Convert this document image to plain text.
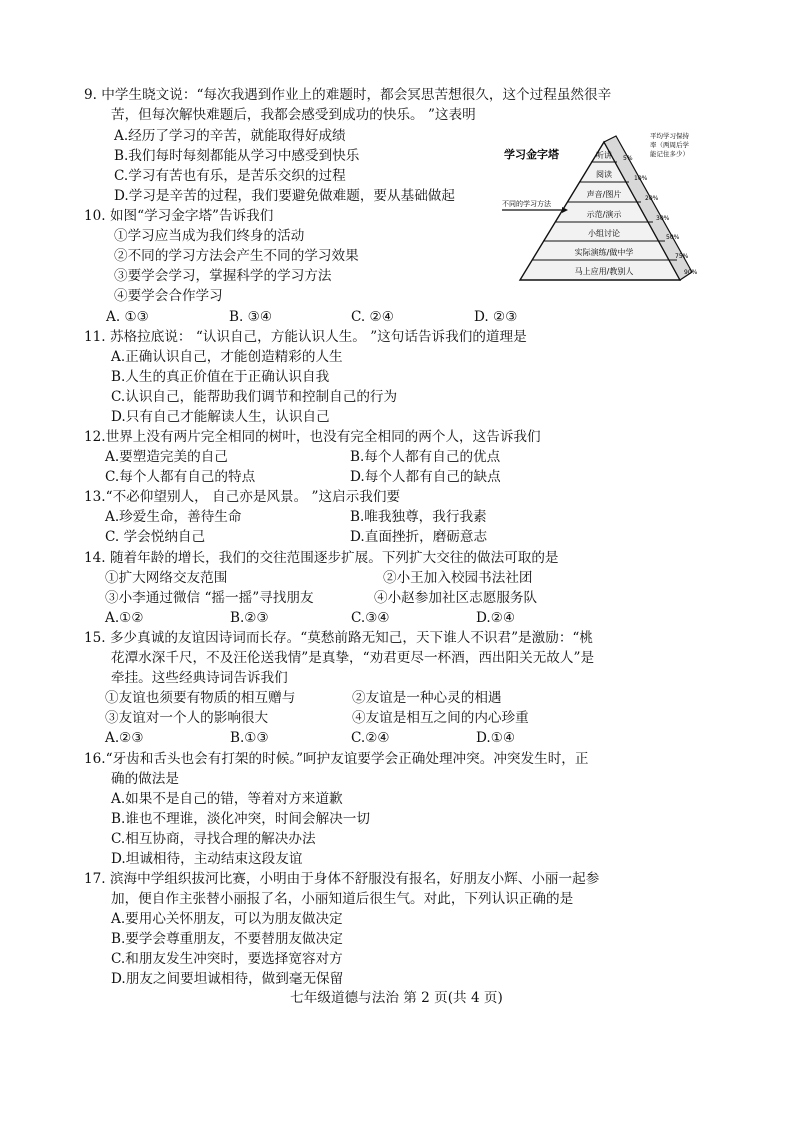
9. 中学生晓文说：“每次我遇到作业上的难题时，都会冥思苦想很久，这个过程虽然很辛
苦，但每次解快难题后，我都会感受到成功的快乐。 ”这表明
A.经历了学习的辛苦，就能取得好成绩
B.我们每时每刻都能从学习中感受到快乐
C.学习有苦也有乐，是苦乐交织的过程
D.学习是辛苦的过程，我们要避免做难题，要从基础做起
10. 如图“学习金字塔”告诉我们
①学习应当成为我们终身的活动
②不同的学习方法会产生不同的学习效果
③要学会学习，掌握科学的学习方法
④要学会合作学习
A. ①③	B. ③④	C. ②④	D. ②③
听讲
阅读
声音/图片
示范/演示
小组讨论
实际演练/做中学
马上应用/教别人
5%
10%
20%
30%
50%
75%
90%
学习金字塔
不同的学习方法
平均学习保持
率（两周后学
能记住多少）
11. 苏格拉底说： “认识自己，方能认识人生。 ”这句话告诉我们的道理是
A.正确认识自己，才能创造精彩的人生
B.人生的真正价值在于正确认识自我
C.认识自己，能帮助我们调节和控制自己的行为
D.只有自己才能解读人生，认识自己
12.世界上没有两片完全相同的树叶，也没有完全相同的两个人，这告诉我们
A.要塑造完美的自己	B.每个人都有自己的优点
C.每个人都有自己的特点	D.每个人都有自己的缺点
13.“不必仰望别人， 自己亦是风景。 ”这启示我们要
A.珍爱生命，善待生命	B.唯我独尊，我行我素
C. 学会悦纳自己	D.直面挫折，磨砺意志
14. 随着年龄的增长，我们的交往范围逐步扩展。下列扩大交往的做法可取的是
①扩大网络交友范围	②小王加入校园书法社团
③小李通过微信 “摇一摇”寻找朋友	④小赵参加社区志愿服务队
A.①②	B.②③	C.③④	D.②④
15. 多少真诚的友谊因诗词而长存。“莫愁前路无知己，天下谁人不识君”是激励：“桃
花潭水深千尺，不及汪伦送我情”是真挚，“劝君更尽一杯酒，西出阳关无故人”是
牵挂。这些经典诗词告诉我们
①友谊也须要有物质的相互赠与	②友谊是一种心灵的相遇
③友谊对一个人的影响很大	④友谊是相互之间的内心珍重
A.②③	B.①③	C.②④	D.①④
16.“牙齿和舌头也会有打架的时候。”呵护友谊要学会正确处理冲突。冲突发生时，正
确的做法是
A.如果不是自己的错，等着对方来道歉
B.谁也不理谁，淡化冲突，时间会解决一切
C.相互协商，寻找合理的解决办法
D.坦诚相待，主动结束这段友谊
17. 滨海中学组织拔河比赛，小明由于身体不舒服没有报名，好朋友小辉、小丽一起参
加，便自作主张替小丽报了名，小丽知道后很生气。对此，下列认识正确的是
A.要用心关怀朋友，可以为朋友做决定
B.要学会尊重朋友，不要替朋友做决定
C.和朋友发生冲突时，要选择宽容对方
D.朋友之间要坦诚相待，做到毫无保留
七年级道德与法治 第 2 页(共 4 页)
